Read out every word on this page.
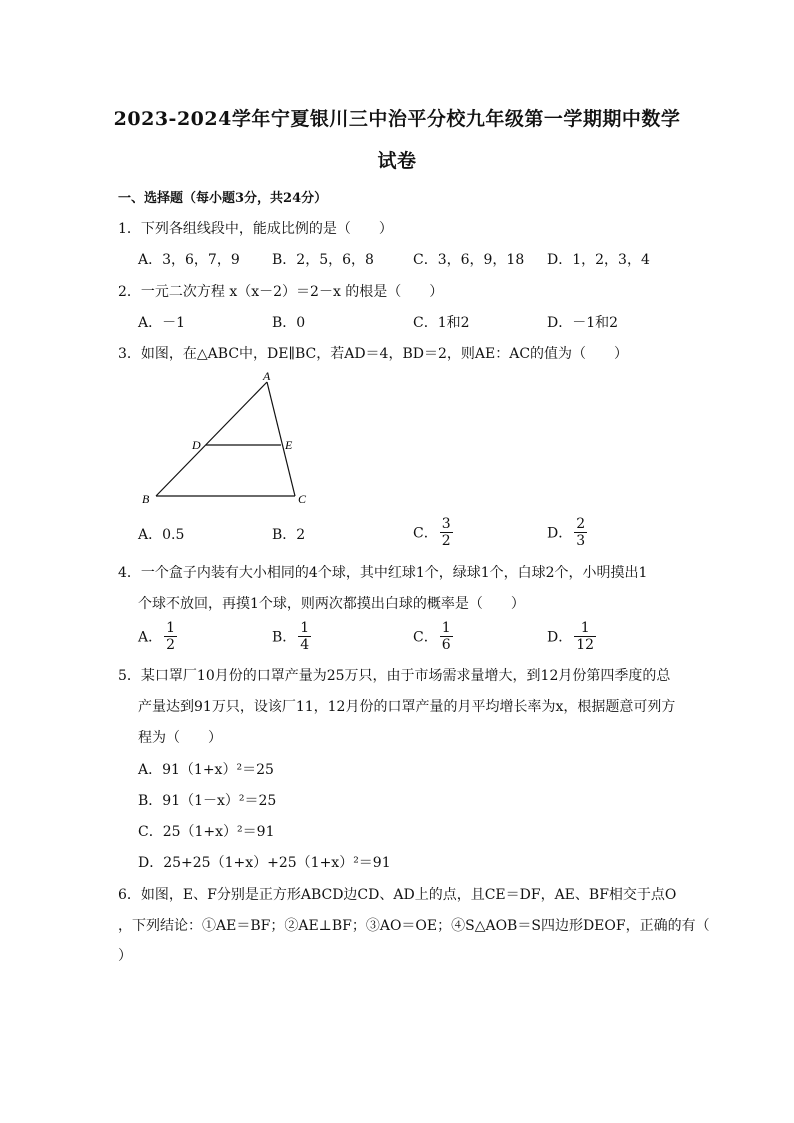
2023-2024学年宁夏银川三中治平分校九年级第一学期期中数学
试卷
一、选择题（每小题3分，共24分）
1．下列各组线段中，能成比例的是（　　）
A．3，6，7，9 B．2，5，6，8	C．3，6，9，18 D．1，2，3，4
2．一元二次方程 x（x－2）＝2－x 的根是（　　）
A．－1	B．0	C．1和2	D．－1和2
3．如图，在△ABC中，DE∥BC，若AD＝4，BD＝2，则AE：AC的值为（　　）
A
D	E
B	C
A．0.5	B．2	C． $\frac{3}{2}$	D． $\frac{2}{3}$
4．一个盒子内装有大小相同的4个球，其中红球1个，绿球1个，白球2个，小明摸出1
个球不放回，再摸1个球，则两次都摸出白球的概率是（　　）
A． $\frac{1}{2}$	B． $\frac{1}{4}$	C． $\frac{1}{6}$	D． $\frac{1}{12}$
5．某口罩厂10月份的口罩产量为25万只，由于市场需求量增大，到12月份第四季度的总
产量达到91万只，设该厂11，12月份的口罩产量的月平均增长率为x，根据题意可列方
程为（　　）
A．91（1+x）²＝25
B．91（1－x）²＝25
C．25（1+x）²＝91
D．25+25（1+x）+25（1+x）²＝91
6．如图，E、F分别是正方形ABCD边CD、AD上的点，且CE＝DF，AE、BF相交于点O
，下列结论：①AE＝BF；②AE⊥BF；③AO＝OE；④S△AOB＝S四边形DEOF，正确的有（
）
